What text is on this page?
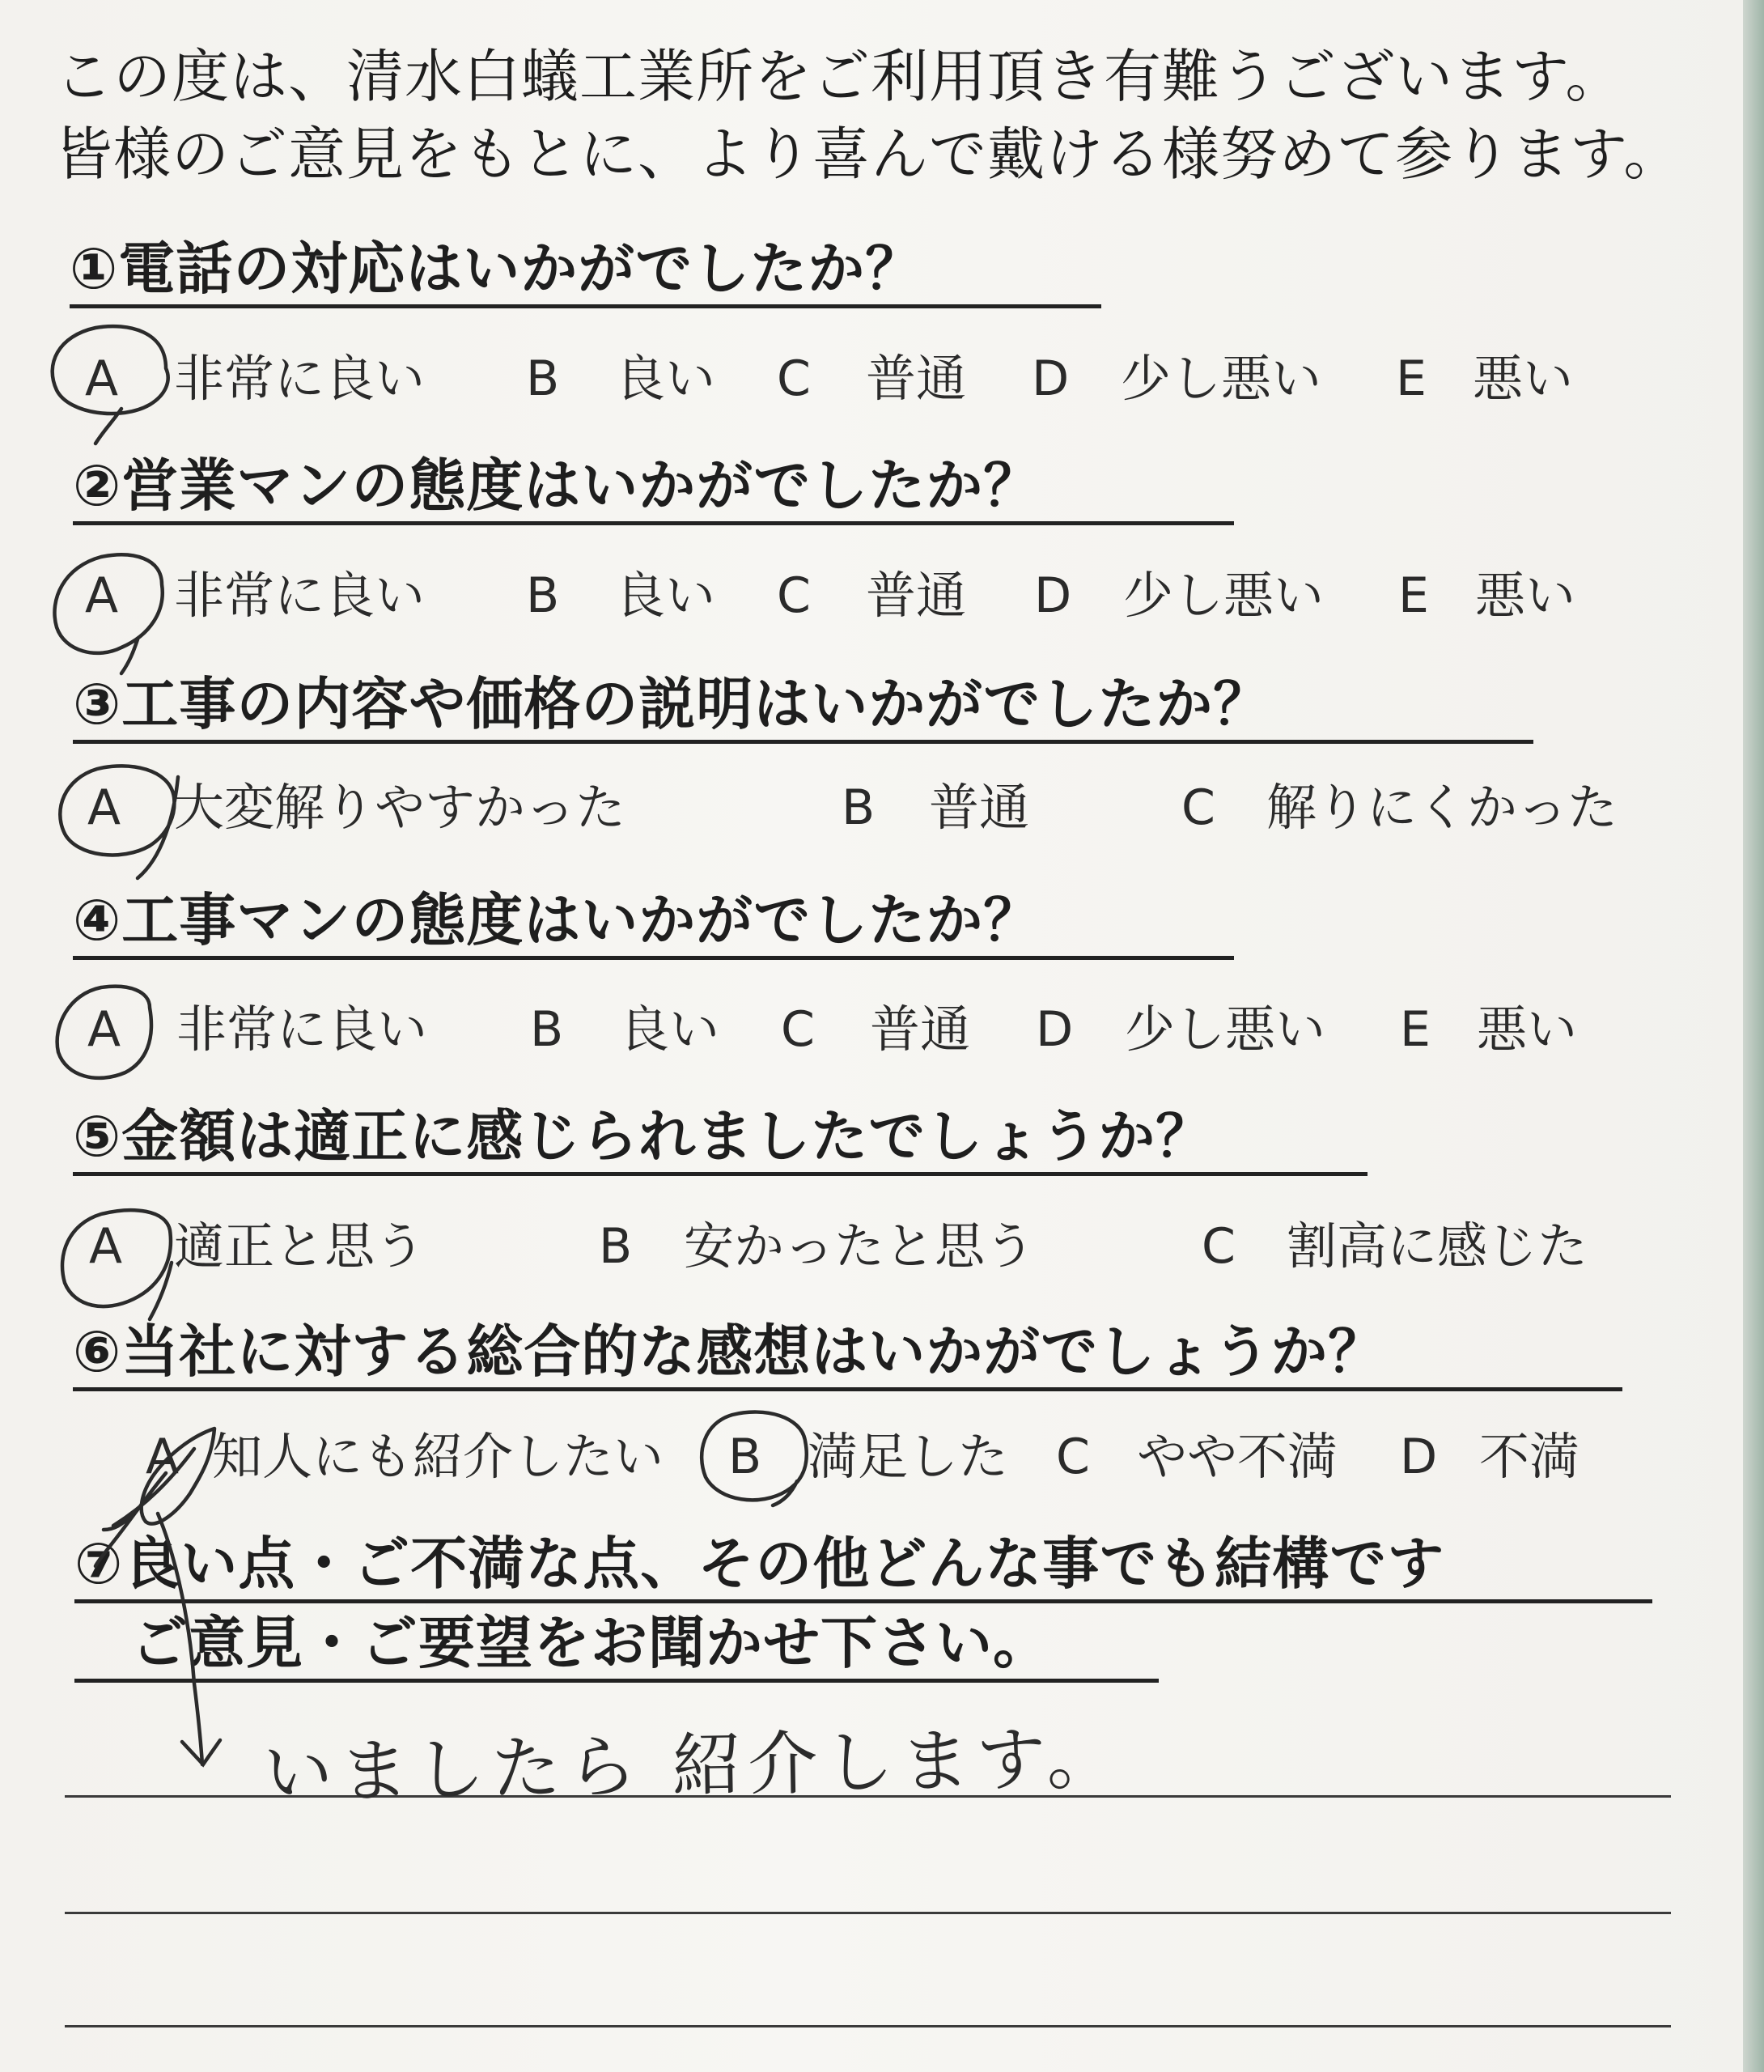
この度は、清水白蟻工業所をご利用頂き有難うございます。
皆様のご意見をもとに、より喜んで戴ける様努めて参ります。
①電話の対応はいかがでしたか？
A 非常に良い B 良い C 普通 D 少し悪い E 悪い
②営業マンの態度はいかがでしたか？
A 非常に良い B 良い C 普通 D 少し悪い E 悪い
③工事の内容や価格の説明はいかがでしたか？
A 大変解りやすかった	B 普通	C 解りにくかった
④工事マンの態度はいかがでしたか？
A 非常に良い B 良い C 普通 D 少し悪い E 悪い
⑤金額は適正に感じられましたでしょうか？
A 適正と思う	B 安かったと思う	C 割高に感じた
⑥当社に対する総合的な感想はいかがでしょうか？
A 知人にも紹介したい B 満足した C やや不満 D 不満
⑦良い点・ご不満な点、その他どんな事でも結構です
ご意見・ご要望をお聞かせ下さい。
いましたら 紹介します。
